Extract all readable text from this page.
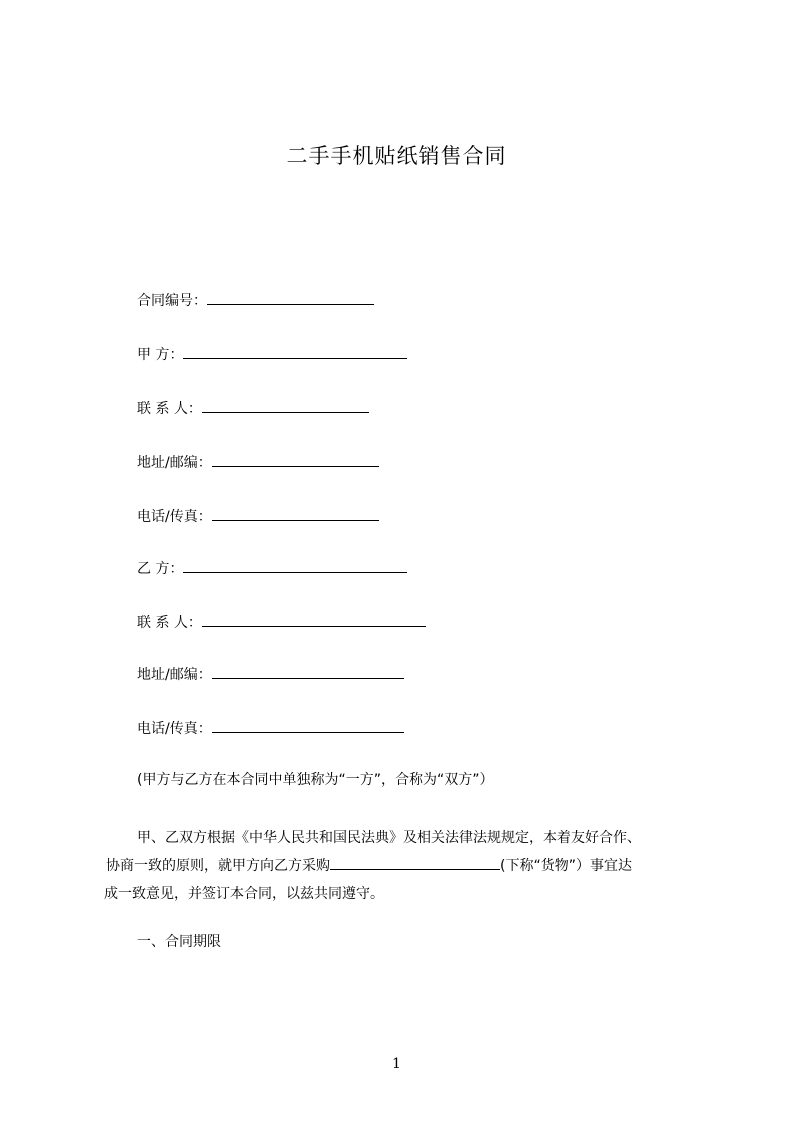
二手手机贴纸销售合同
合同编号：
甲 方：
联 系 人：
地址/邮编：
电话/传真：
乙 方：
联 系 人：
地址/邮编：
电话/传真：
(甲方与乙方在本合同中单独称为“一方”，合称为“双方”）
甲、乙双方根据《中华人民共和国民法典》及相关法律法规规定，本着友好合作、
协商一致的原则，就甲方向乙方采购	(下称“货物”）事宜达
成一致意见，并签订本合同，以兹共同遵守。
一、合同期限
1
